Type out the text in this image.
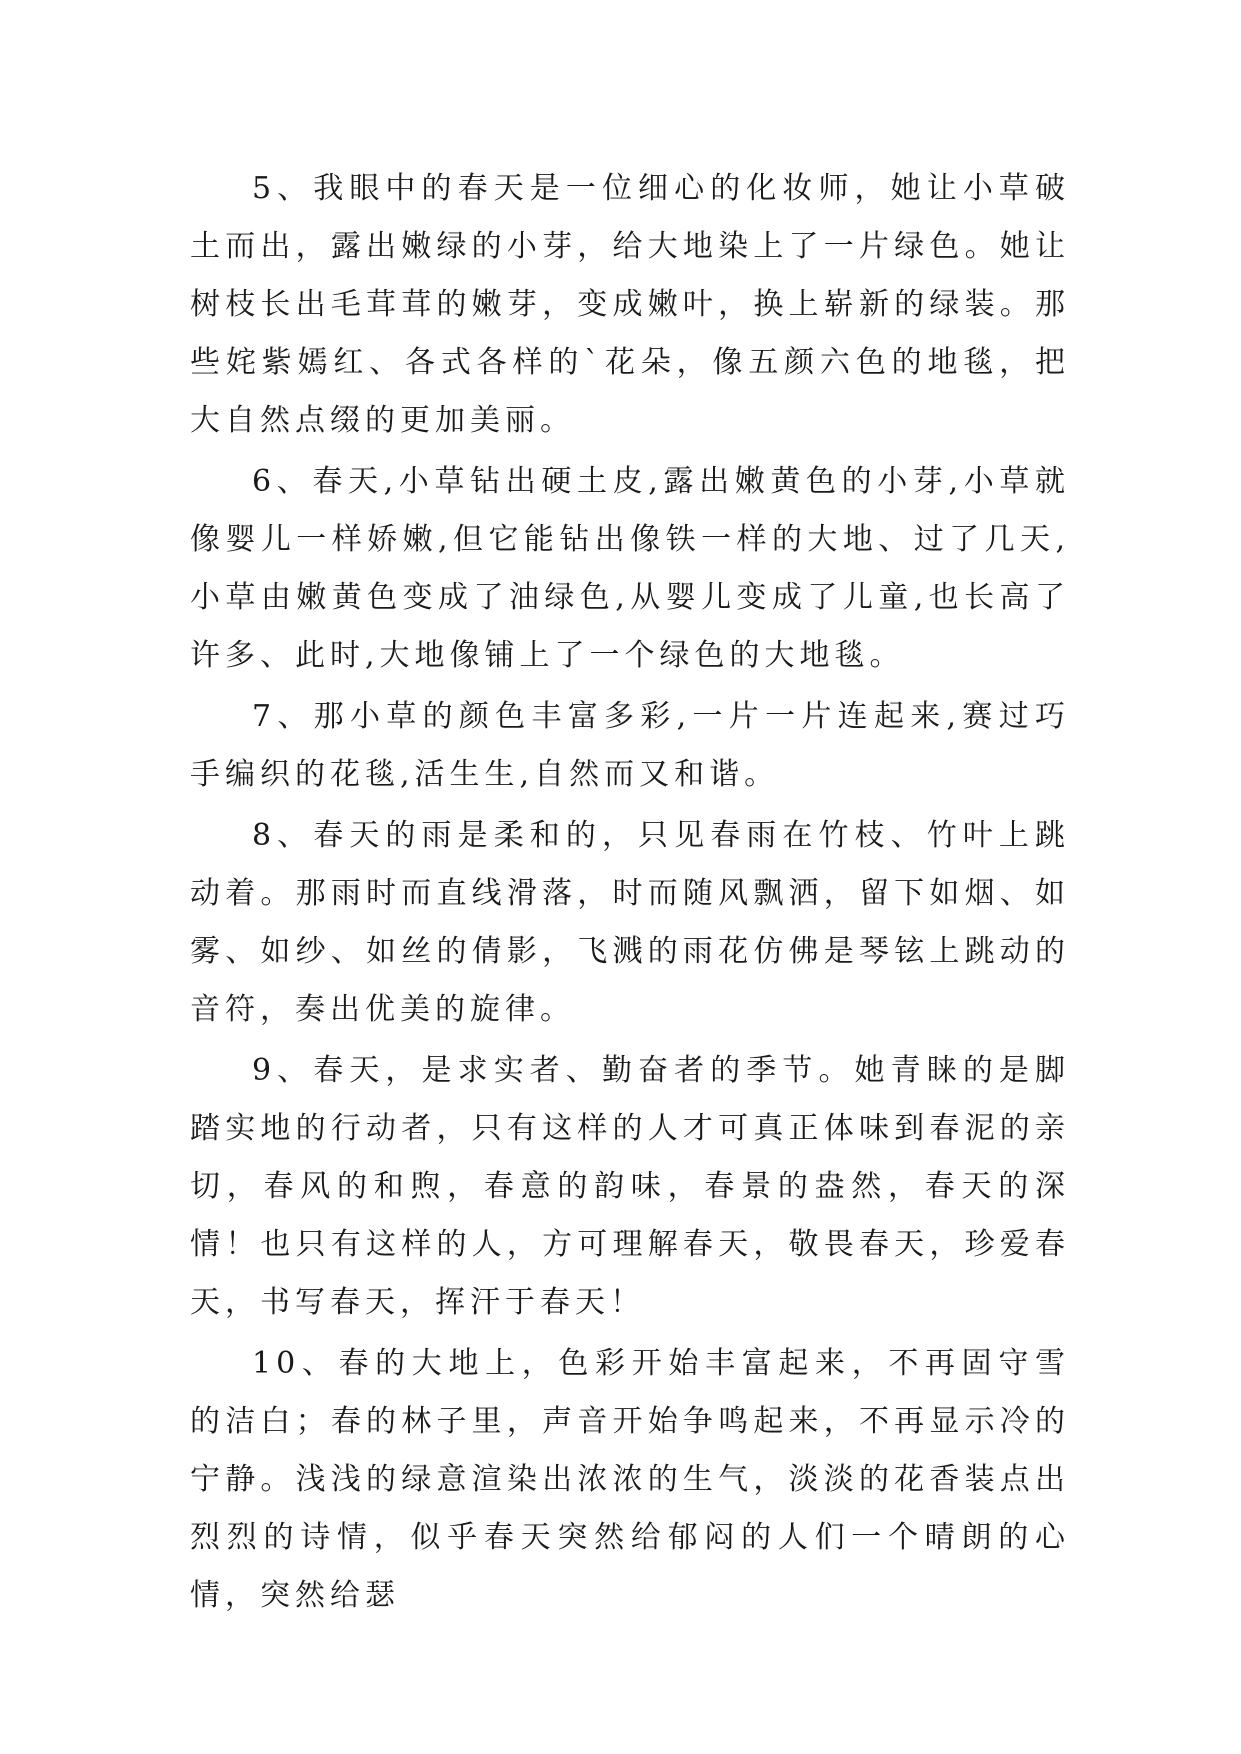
5、我眼中的春天是一位细心的化妆师，她让小草破土而出，露出嫩绿的小芽，给大地染上了一片绿色。她让树枝长出毛茸茸的嫩芽，变成嫩叶，换上崭新的绿装。那些姹紫嫣红、各式各样的`花朵，像五颜六色的地毯，把大自然点缀的更加美丽。

6、春天,小草钻出硬土皮,露出嫩黄色的小芽,小草就像婴儿一样娇嫩,但它能钻出像铁一样的大地、过了几天,小草由嫩黄色变成了油绿色,从婴儿变成了儿童,也长高了许多、此时,大地像铺上了一个绿色的大地毯。

7、那小草的颜色丰富多彩,一片一片连起来,赛过巧手编织的花毯,活生生,自然而又和谐。

8、春天的雨是柔和的，只见春雨在竹枝、竹叶上跳动着。那雨时而直线滑落，时而随风飘洒，留下如烟、如雾、如纱、如丝的倩影，飞溅的雨花仿佛是琴铉上跳动的音符，奏出优美的旋律。

9、春天，是求实者、勤奋者的季节。她青睐的是脚踏实地的行动者，只有这样的人才可真正体味到春泥的亲切，春风的和煦，春意的韵味，春景的盎然，春天的深情！也只有这样的人，方可理解春天，敬畏春天，珍爱春天，书写春天，挥汗于春天！

10、春的大地上，色彩开始丰富起来，不再固守雪的洁白；春的林子里，声音开始争鸣起来，不再显示冷的宁静。浅浅的绿意渲染出浓浓的生气，淡淡的花香装点出烈烈的诗情，似乎春天突然给郁闷的人们一个晴朗的心情，突然给瑟
